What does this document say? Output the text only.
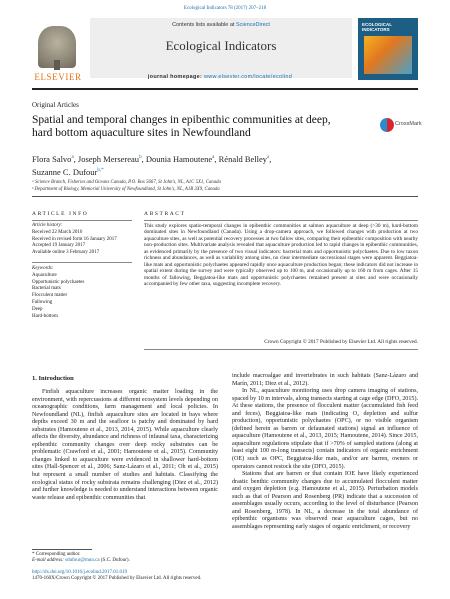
Ecological Indicators 78 (2017) 207–218
ELSEVIER
Contents lists available at ScienceDirect
Ecological Indicators
ECOLOGICAL INDICATORS
journal homepage: www.elsevier.com/locate/ecolind
Original Articles
Spatial and temporal changes in epibenthic communities at deep, hard bottom aquaculture sites in Newfoundland
CrossMark
Flora Salvo$^a$, Joseph Mersereau$^b$, Dounia Hamoutene$^a$, Rénald Belley$^a$,
Suzanne C. Dufour$^{b,*}$
ᵃ Science Branch, Fisheries and Oceans Canada, P.O. Box 5667, St John's, NL, A1C 5X1, Canada
ᵇ Department of Biology, Memorial University of Newfoundland, St John's, NL, A1B 3X9, Canada
ARTICLE INFO	ABSTRACT
Article history:
Received 22 March 2016
Received in revised form 16 January 2017
Accepted 19 January 2017
Available online 3 February 2017
Keywords:
Aquaculture
Opportunistic polychaetes
Bacterial mats
Flocculent matter
Fallowing
Deep
Hard-bottom
This study explores spatio-temporal changes in epibenthic communities at salmon aquaculture at deep (>30 m), hard-bottom dominated sites in Newfoundland (Canada). Using a drop-camera approach, we followed changes with production at two aquaculture sites, as well as potential recovery processes at two fallow sites, comparing their epibenthic composition with nearby non-production sites. Multivariate analysis revealed that aquaculture production led to rapid changes in epibenthic communities, as evidenced primarily by the presence of two visual indicators: bacterial mats and opportunistic polychaetes. Due to low taxon richness and abundances, as well as variability among sites, no clear intermediate successional stages were apparent. Beggiatoa-like mats and opportunistic polychaetes appeared rapidly once aquaculture production began; these indicators did not increase in spatial extent during the survey and were typically observed up to 100 m, and occasionally up to 160 m from cages. After 15 months of fallowing, Beggiatoa-like mats and opportunistic polychaetes remained present at sites and were occasionally accompanied by few other taxa, suggesting incomplete recovery.
Crown Copyright © 2017 Published by Elsevier Ltd. All rights reserved.
1. Introduction

Finfish aquaculture increases organic matter loading in the environment, with repercussions at different ecosystem levels depending on oceanographic conditions, farm management and local policies. In Newfoundland (NL), finfish aquaculture sites are located in bays where depths exceed 30 m and the seafloor is patchy and dominated by hard substrates (Hamoutene et al., 2013, 2014, 2015). While aquaculture clearly affects the diversity, abundance and richness of infaunal taxa, characterizing epibenthic community changes over deep rocky substrates can be problematic (Crawford et al., 2001; Hamoutene et al., 2015). Community changes linked to aquaculture were evidenced in shallower hard-bottom sites (Hall-Spencer et al., 2006; Sanz-Lázaro et al., 2011; Oh et al., 2015) but represent a small number of studies and habitats. Classifying the ecological status of rocky substrata remains challenging (Diez et al., 2012) and further knowledge is needed to understand interactions between organic waste release and epibenthic communities that

include macroalgae and invertebrates in such habitats (Sanz-Lázaro and Marín, 2011; Diez et al., 2012).

In NL, aquaculture monitoring uses drop camera imaging of stations, spaced by 10 m intervals, along transects starting at cage edge (DFO, 2015). At these stations, the presence of flocculent matter (accumulated fish feed and feces), Beggiatoa-like mats (indicating O₂ depletion and sulfur production), opportunistic polychaetes (OPC), or no visible organism (defined herein as barren or defaunated stations) signal an influence of aquaculture (Hamoutene et al., 2013, 2015; Hamoutene, 2014). Since 2015, aquaculture regulations stipulate that if >70% of sampled stations (along at least eight 100 m-long transects) contain indicators of organic enrichment (OE) such as OPC, Beggiatoa-like mats, and/or are barren, owners or operators cannot restock the site (DFO, 2015).

Stations that are barren or that contain IOE have likely experienced drastic benthic community changes due to accumulated flocculent matter and oxygen depletion (e.g. Hamoutene et al., 2015). Perturbation models such as that of Pearson and Rosenberg (PR) indicate that a succession of assemblages usually occurs, according to the level of disturbance (Pearson and Rosenberg, 1978). In NL, a decrease in the total abundance of epibenthic organisms was observed near aquaculture cages, but no assemblages representing early stages of organic enrichment, or recovery

* Corresponding author.
E-mail address: sdufour@mun.ca (S.C. Dufour).
http://dx.doi.org/10.1016/j.ecolind.2017.01.019
1470-160X/Crown Copyright © 2017 Published by Elsevier Ltd. All rights reserved.
